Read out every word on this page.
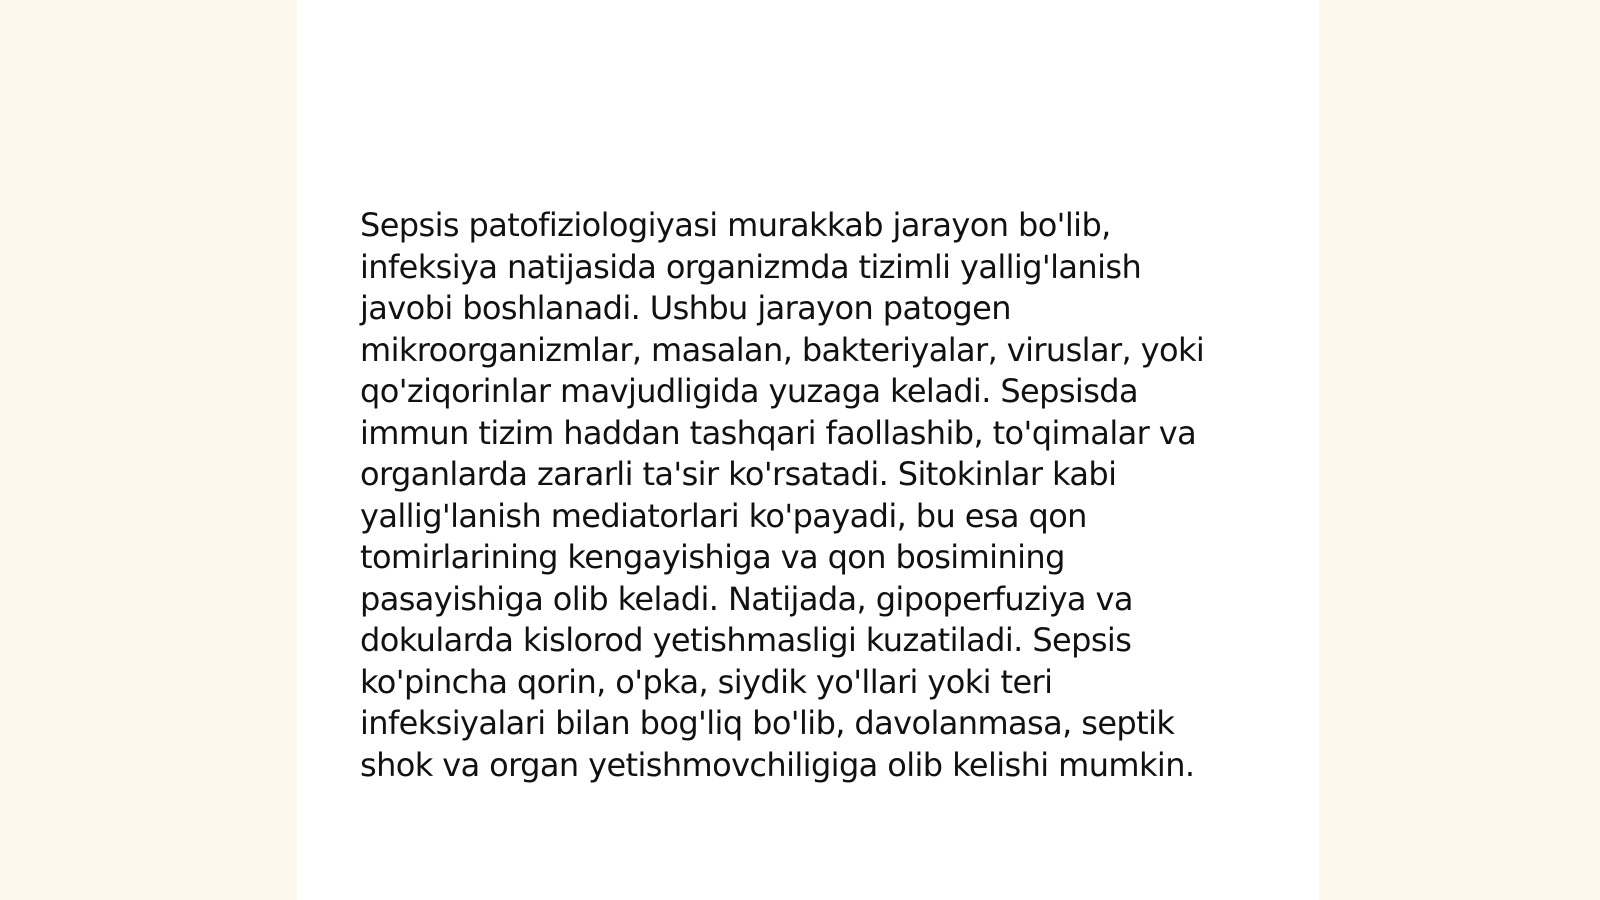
Sepsis patofiziologiyasi murakkab jarayon bo'lib,
infeksiya natijasida organizmda tizimli yallig'lanish
javobi boshlanadi. Ushbu jarayon patogen
mikroorganizmlar, masalan, bakteriyalar, viruslar, yoki
qo'ziqorinlar mavjudligida yuzaga keladi. Sepsisda
immun tizim haddan tashqari faollashib, to'qimalar va
organlarda zararli ta'sir ko'rsatadi. Sitokinlar kabi
yallig'lanish mediatorlari ko'payadi, bu esa qon
tomirlarining kengayishiga va qon bosimining
pasayishiga olib keladi. Natijada, gipoperfuziya va
dokularda kislorod yetishmasligi kuzatiladi. Sepsis
ko'pincha qorin, o'pka, siydik yo'llari yoki teri
infeksiyalari bilan bog'liq bo'lib, davolanmasa, septik
shok va organ yetishmovchiligiga olib kelishi mumkin.
